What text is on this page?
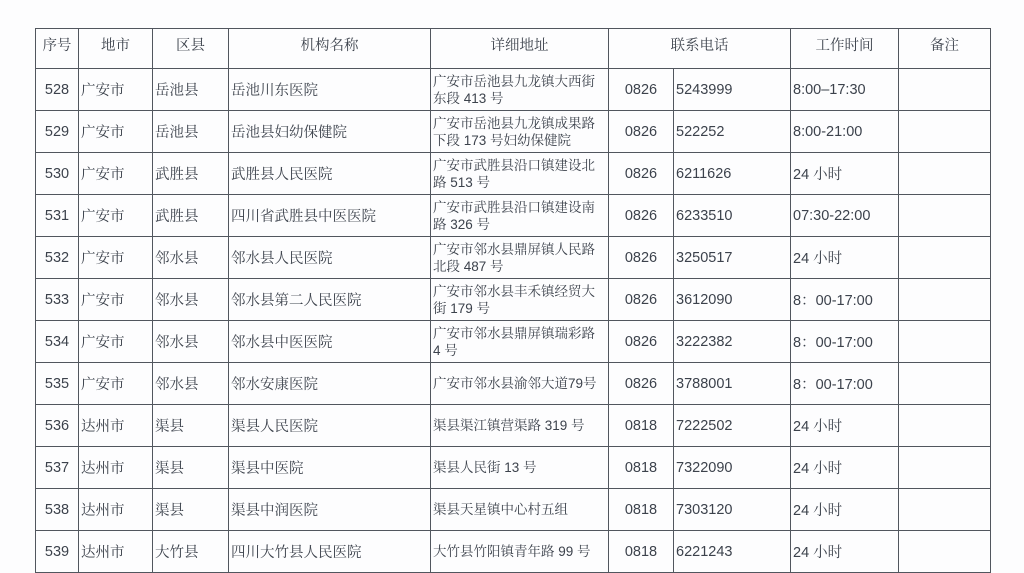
序号	地市	区县	机构名称	详细地址	联系电话		工作时间	备注
528	广安市	岳池县	岳池川东医院	广安市岳池县九龙镇大西街东段 413 号	0826	5243999	8:00–17:30	
529	广安市	岳池县	岳池县妇幼保健院	广安市岳池县九龙镇成果路下段 173 号妇幼保健院	0826	522252	8:00-21:00	
530	广安市	武胜县	武胜县人民医院	广安市武胜县沿口镇建设北路 513 号	0826	6211626	24 小时	
531	广安市	武胜县	四川省武胜县中医医院	广安市武胜县沿口镇建设南路 326 号	0826	6233510	07:30-22:00	
532	广安市	邻水县	邻水县人民医院	广安市邻水县鼎屏镇人民路北段 487 号	0826	3250517	24 小时	
533	广安市	邻水县	邻水县第二人民医院	广安市邻水县丰禾镇经贸大街 179 号	0826	3612090	8：00-17:00	
534	广安市	邻水县	邻水县中医医院	广安市邻水县鼎屏镇瑞彩路 4 号	0826	3222382	8：00-17:00	
535	广安市	邻水县	邻水安康医院	广安市邻水县渝邻大道79号	0826	3788001	8：00-17:00	
536	达州市	渠县	渠县人民医院	渠县渠江镇营渠路 319 号	0818	7222502	24 小时	
537	达州市	渠县	渠县中医院	渠县人民街 13 号	0818	7322090	24 小时	
538	达州市	渠县	渠县中润医院	渠县天星镇中心村五组	0818	7303120	24 小时	
539	达州市	大竹县	四川大竹县人民医院	大竹县竹阳镇青年路 99 号	0818	6221243	24 小时	
